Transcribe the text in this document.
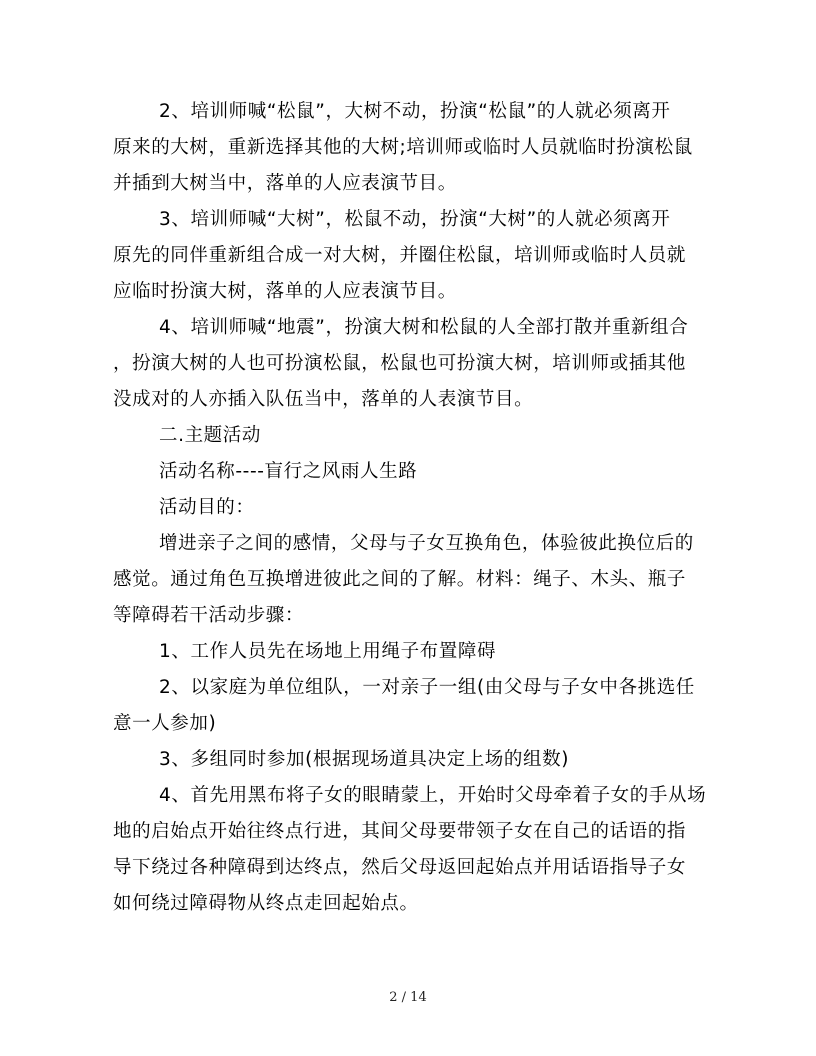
2、培训师喊“松鼠”，大树不动，扮演“松鼠”的人就必须离开

原来的大树，重新选择其他的大树;培训师或临时人员就临时扮演松鼠

并插到大树当中，落单的人应表演节目。

3、培训师喊“大树”，松鼠不动，扮演“大树”的人就必须离开

原先的同伴重新组合成一对大树，并圈住松鼠，培训师或临时人员就

应临时扮演大树，落单的人应表演节目。

4、培训师喊“地震”，扮演大树和松鼠的人全部打散并重新组合

，扮演大树的人也可扮演松鼠，松鼠也可扮演大树，培训师或插其他

没成对的人亦插入队伍当中，落单的人表演节目。

二.主题活动

活动名称----盲行之风雨人生路

活动目的：

增进亲子之间的感情，父母与子女互换角色，体验彼此换位后的

感觉。通过角色互换增进彼此之间的了解。材料：绳子、木头、瓶子

等障碍若干活动步骤：

1、工作人员先在场地上用绳子布置障碍

2、以家庭为单位组队，一对亲子一组(由父母与子女中各挑选任

意一人参加)

3、多组同时参加(根据现场道具决定上场的组数)

4、首先用黑布将子女的眼睛蒙上，开始时父母牵着子女的手从场

地的启始点开始往终点行进，其间父母要带领子女在自己的话语的指

导下绕过各种障碍到达终点，然后父母返回起始点并用话语指导子女

如何绕过障碍物从终点走回起始点。

2 / 14
